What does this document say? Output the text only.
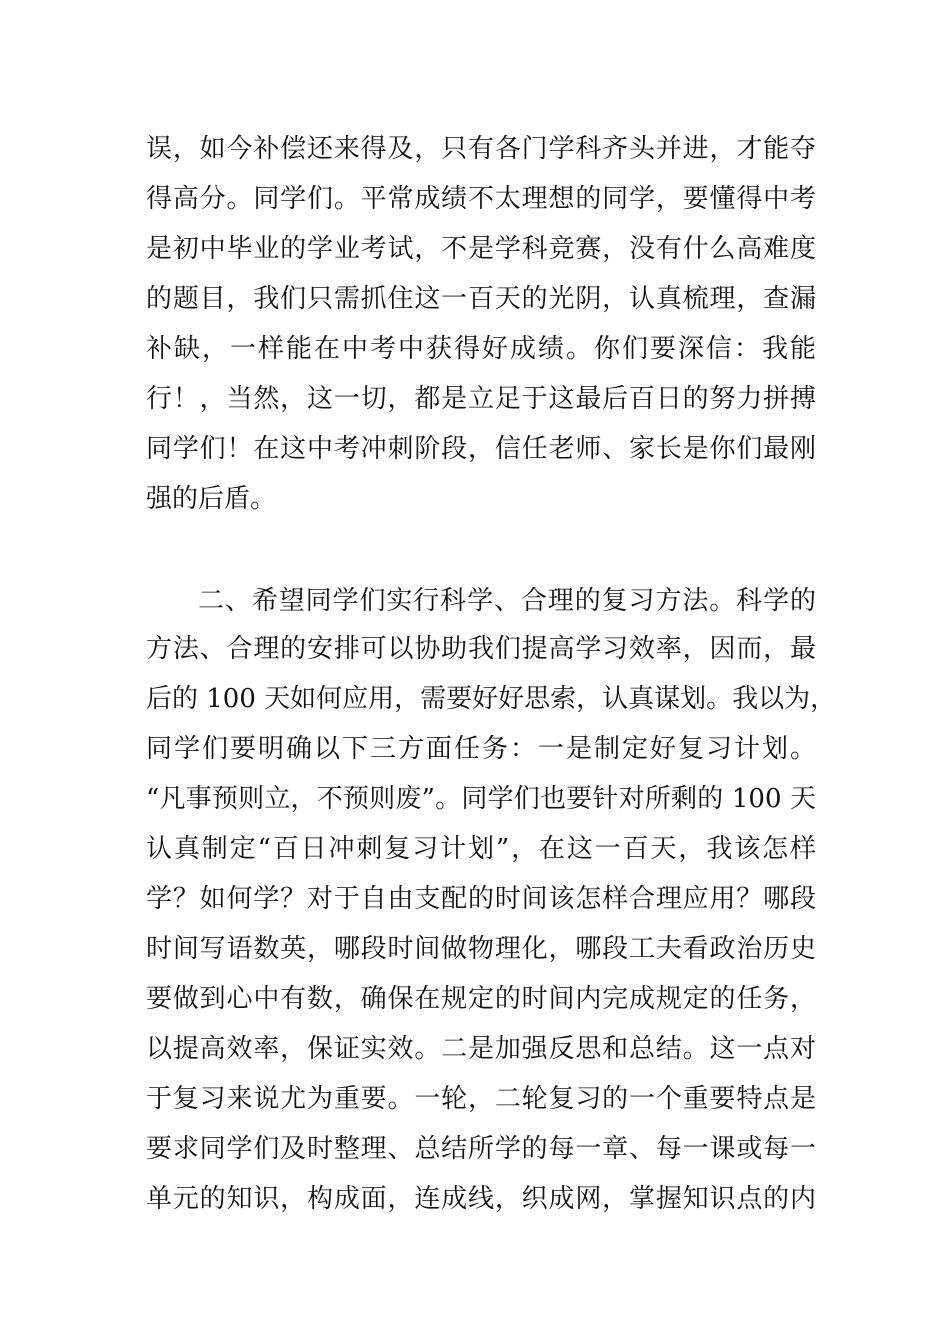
误，如今补偿还来得及，只有各门学科齐头并进，才能夺
得高分。同学们。平常成绩不太理想的同学，要懂得中考
是初中毕业的学业考试，不是学科竞赛，没有什么高难度
的题目，我们只需抓住这一百天的光阴，认真梳理，查漏
补缺，一样能在中考中获得好成绩。你们要深信：我能
行！，当然，这一切，都是立足于这最后百日的努力拼搏
同学们！在这中考冲刺阶段，信任老师、家长是你们最刚
强的后盾。
二、希望同学们实行科学、合理的复习方法。科学的
方法、合理的安排可以协助我们提高学习效率，因而，最
后的 100 天如何应用，需要好好思索，认真谋划。我以为，
同学们要明确以下三方面任务：一是制定好复习计划。
“凡事预则立，不预则废”。同学们也要针对所剩的 100 天
认真制定“百日冲刺复习计划”，在这一百天，我该怎样
学？如何学？对于自由支配的时间该怎样合理应用？哪段
时间写语数英，哪段时间做物理化，哪段工夫看政治历史
要做到心中有数，确保在规定的时间内完成规定的任务，
以提高效率，保证实效。二是加强反思和总结。这一点对
于复习来说尤为重要。一轮，二轮复习的一个重要特点是
要求同学们及时整理、总结所学的每一章、每一课或每一
单元的知识，构成面，连成线，织成网，掌握知识点的内
